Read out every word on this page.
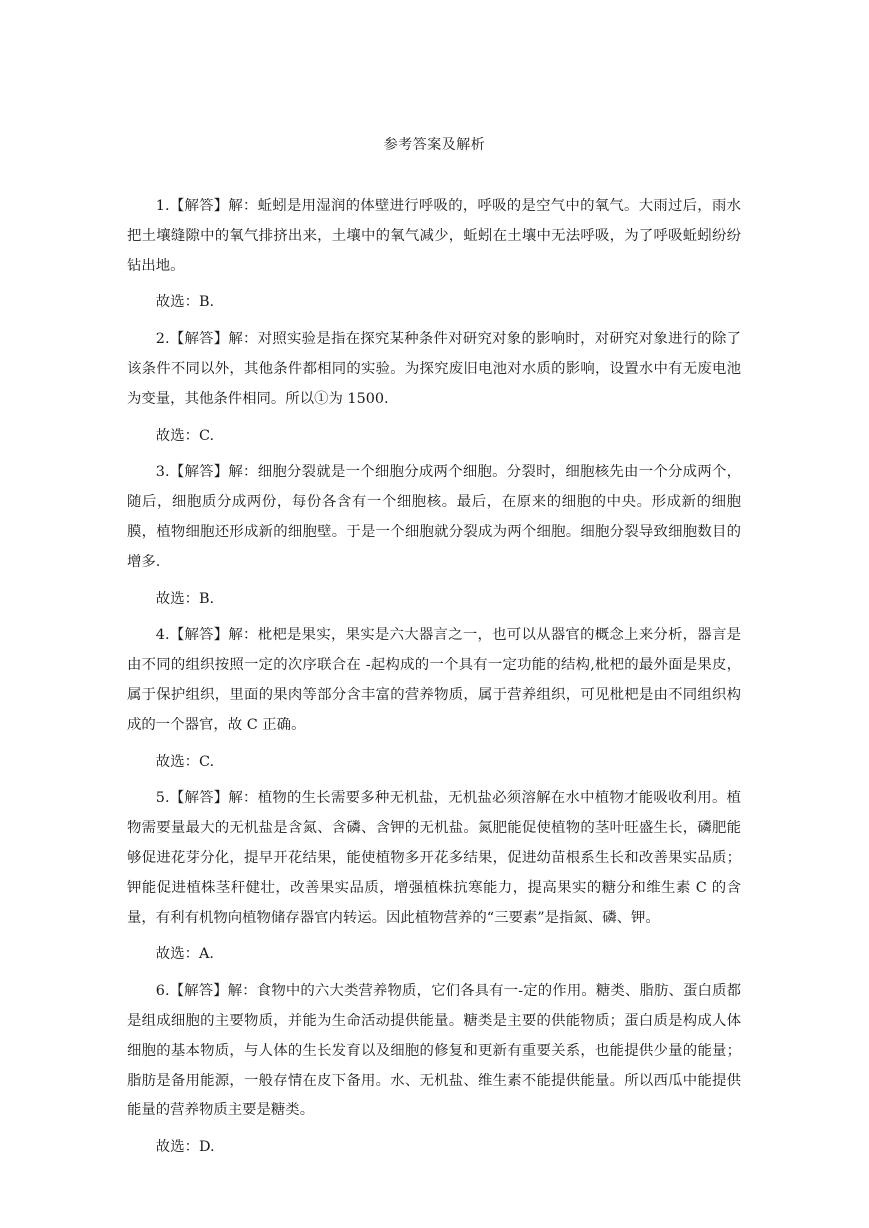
参考答案及解析

1.【解答】解：蚯蚓是用湿润的体壁进行呼吸的，呼吸的是空气中的氧气。大雨过后，雨水把土壤缝隙中的氧气排挤出来，土壤中的氧气减少，蚯蚓在土壤中无法呼吸，为了呼吸蚯蚓纷纷钻出地。

故选：B.

2.【解答】解：对照实验是指在探究某种条件对研究对象的影响时，对研究对象进行的除了该条件不同以外，其他条件都相同的实验。为探究废旧电池对水质的影响，设置水中有无废电池为变量，其他条件相同。所以①为 1500.

故选：C.

3.【解答】解：细胞分裂就是一个细胞分成两个细胞。分裂时，细胞核先由一个分成两个，随后，细胞质分成两份，每份各含有一个细胞核。最后，在原来的细胞的中央。形成新的细胞膜，植物细胞还形成新的细胞壁。于是一个细胞就分裂成为两个细胞。细胞分裂导致细胞数目的增多.

故选：B.

4.【解答】解：枇杷是果实，果实是六大器言之一，也可以从器官的概念上来分析，器言是由不同的组织按照一定的次序联合在 -起构成的一个具有一定功能的结构,枇杷的最外面是果皮，属于保护组织，里面的果肉等部分含丰富的营养物质，属于营养组织，可见枇杷是由不同组织构成的一个器官，故 C 正确。

故选：C.

5.【解答】解：植物的生长需要多种无机盐，无机盐必须溶解在水中植物才能吸收利用。植物需要量最大的无机盐是含氮、含磷、含钾的无机盐。氮肥能促使植物的茎叶旺盛生长，磷肥能够促进花芽分化，提早开花结果，能使植物多开花多结果，促进幼苗根系生长和改善果实品质；钾能促进植株茎秆健壮，改善果实品质，增强植株抗寒能力，提高果实的糖分和维生素 C 的含量，有利有机物向植物储存器官内转运。因此植物营养的“三要素”是指氮、磷、钾。

故选：A.

6.【解答】解：食物中的六大类营养物质，它们各具有一-定的作用。糖类、脂肪、蛋白质都是组成细胞的主要物质，并能为生命活动提供能量。糖类是主要的供能物质；蛋白质是构成人体细胞的基本物质，与人体的生长发育以及细胞的修复和更新有重要关系，也能提供少量的能量；脂肪是备用能源，一般存情在皮下备用。水、无机盐、维生素不能提供能量。所以西瓜中能提供能量的营养物质主要是糖类。

故选：D.
